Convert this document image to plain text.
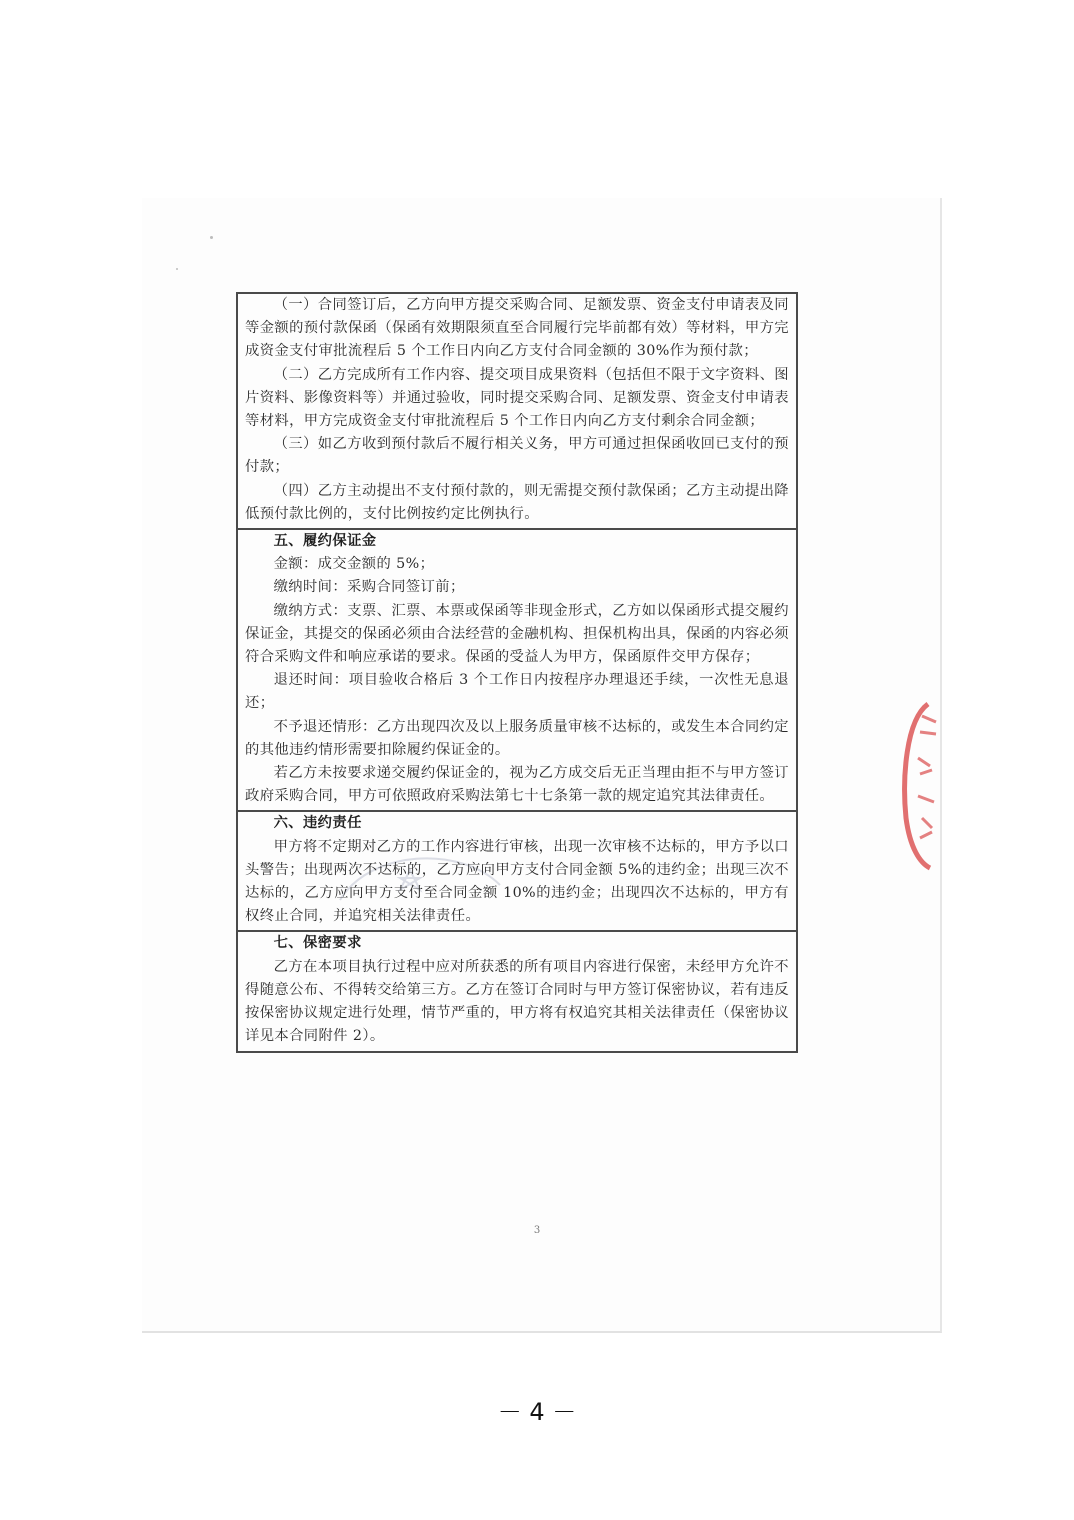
（一）合同签订后，乙方向甲方提交采购合同、足额发票、资金支付申请表及同等金额的预付款保函（保函有效期限须直至合同履行完毕前都有效）等材料，甲方完成资金支付审批流程后 5 个工作日内向乙方支付合同金额的 30%作为预付款；

（二）乙方完成所有工作内容、提交项目成果资料（包括但不限于文字资料、图片资料、影像资料等）并通过验收，同时提交采购合同、足额发票、资金支付申请表等材料，甲方完成资金支付审批流程后 5 个工作日内向乙方支付剩余合同金额；

（三）如乙方收到预付款后不履行相关义务，甲方可通过担保函收回已支付的预付款；

（四）乙方主动提出不支付预付款的，则无需提交预付款保函；乙方主动提出降低预付款比例的，支付比例按约定比例执行。

五、履约保证金

金额：成交金额的 5%；

缴纳时间：采购合同签订前；

缴纳方式：支票、汇票、本票或保函等非现金形式，乙方如以保函形式提交履约保证金，其提交的保函必须由合法经营的金融机构、担保机构出具，保函的内容必须符合采购文件和响应承诺的要求。保函的受益人为甲方，保函原件交甲方保存；

退还时间：项目验收合格后 3 个工作日内按程序办理退还手续，一次性无息退还；

不予退还情形：乙方出现四次及以上服务质量审核不达标的，或发生本合同约定的其他违约情形需要扣除履约保证金的。

若乙方未按要求递交履约保证金的，视为乙方成交后无正当理由拒不与甲方签订政府采购合同，甲方可依照政府采购法第七十七条第一款的规定追究其法律责任。

六、违约责任

甲方将不定期对乙方的工作内容进行审核，出现一次审核不达标的，甲方予以口头警告；出现两次不达标的，乙方应向甲方支付合同金额 5%的违约金；出现三次不达标的，乙方应向甲方支付至合同金额 10%的违约金；出现四次不达标的，甲方有权终止合同，并追究相关法律责任。

七、保密要求

乙方在本项目执行过程中应对所获悉的所有项目内容进行保密，未经甲方允许不得随意公布、不得转交给第三方。乙方在签订合同时与甲方签订保密协议，若有违反按保密协议规定进行处理，情节严重的，甲方将有权追究其相关法律责任（保密协议详见本合同附件 2）。

3
－ 4 －
